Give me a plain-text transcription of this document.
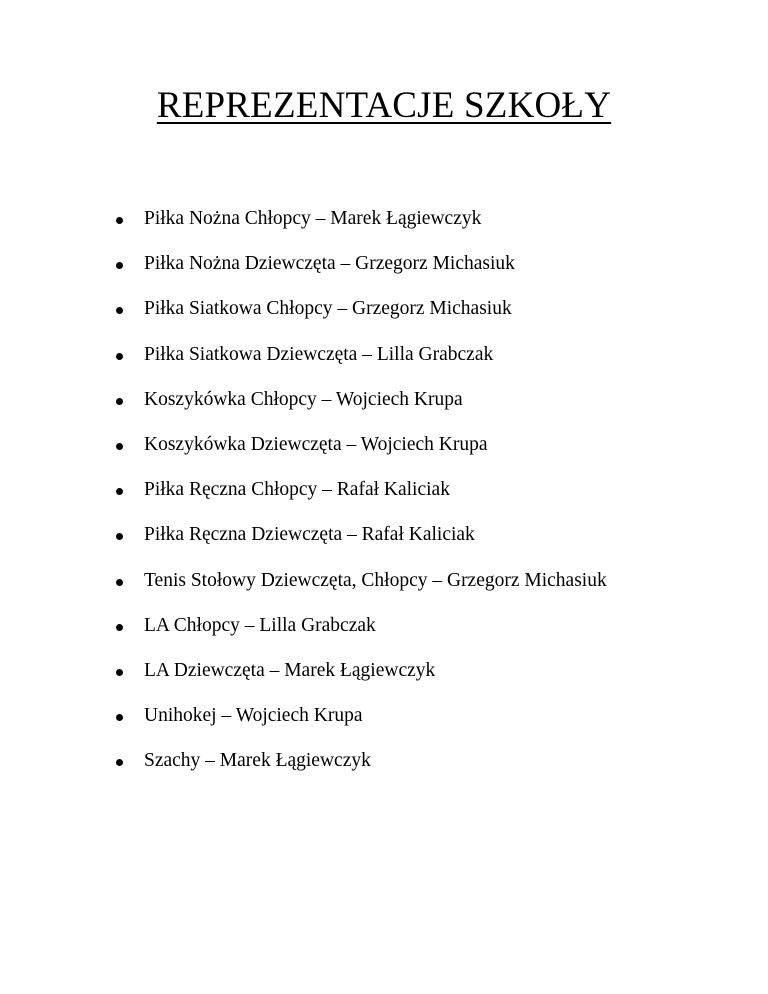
REPREZENTACJE SZKOŁY
Piłka Nożna Chłopcy – Marek Łągiewczyk
Piłka Nożna Dziewczęta – Grzegorz Michasiuk
Piłka Siatkowa Chłopcy – Grzegorz Michasiuk
Piłka Siatkowa Dziewczęta – Lilla Grabczak
Koszykówka Chłopcy – Wojciech Krupa
Koszykówka Dziewczęta – Wojciech Krupa
Piłka Ręczna Chłopcy – Rafał Kaliciak
Piłka Ręczna Dziewczęta – Rafał Kaliciak
Tenis Stołowy Dziewczęta, Chłopcy – Grzegorz Michasiuk
LA Chłopcy – Lilla Grabczak
LA Dziewczęta – Marek Łągiewczyk
Unihokej – Wojciech Krupa
Szachy – Marek Łągiewczyk
